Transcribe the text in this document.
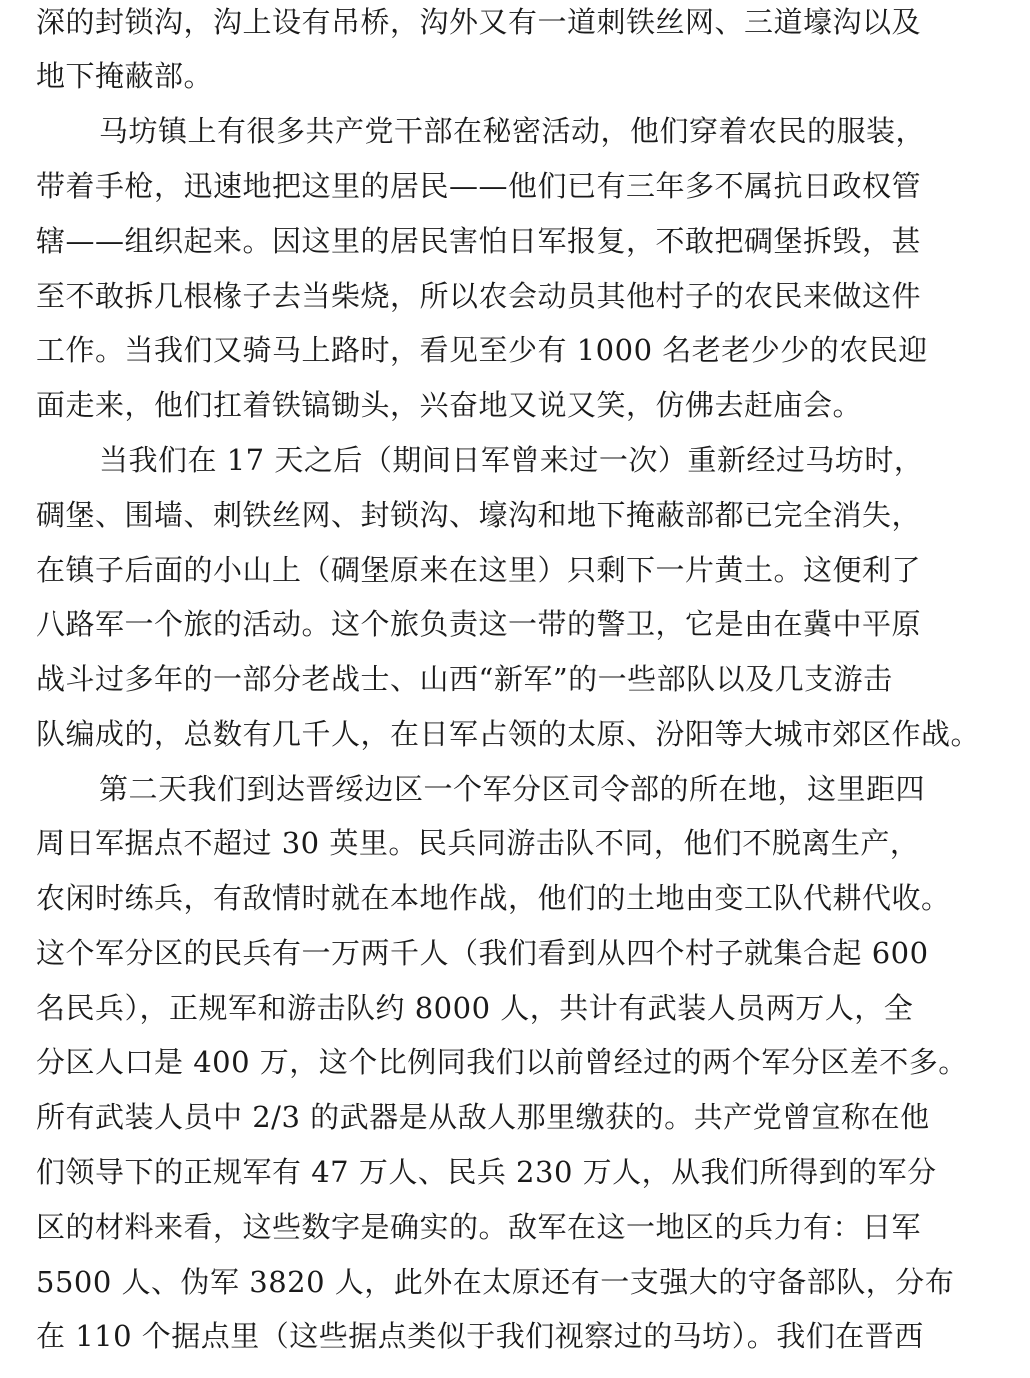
深的封锁沟，沟上设有吊桥，沟外又有一道刺铁丝网、三道壕沟以及
地下掩蔽部。
马坊镇上有很多共产党干部在秘密活动，他们穿着农民的服装，
带着手枪，迅速地把这里的居民——他们已有三年多不属抗日政权管
辖——组织起来。因这里的居民害怕日军报复，不敢把碉堡拆毁，甚
至不敢拆几根椽子去当柴烧，所以农会动员其他村子的农民来做这件
工作。当我们又骑马上路时，看见至少有 1000 名老老少少的农民迎
面走来，他们扛着铁镐锄头，兴奋地又说又笑，仿佛去赶庙会。
当我们在 17 天之后（期间日军曾来过一次）重新经过马坊时，
碉堡、围墙、刺铁丝网、封锁沟、壕沟和地下掩蔽部都已完全消失，
在镇子后面的小山上（碉堡原来在这里）只剩下一片黄土。这便利了
八路军一个旅的活动。这个旅负责这一带的警卫，它是由在冀中平原
战斗过多年的一部分老战士、山西“新军”的一些部队以及几支游击
队编成的，总数有几千人，在日军占领的太原、汾阳等大城市郊区作战。
第二天我们到达晋绥边区一个军分区司令部的所在地，这里距四
周日军据点不超过 30 英里。民兵同游击队不同，他们不脱离生产，
农闲时练兵，有敌情时就在本地作战，他们的土地由变工队代耕代收。
这个军分区的民兵有一万两千人（我们看到从四个村子就集合起 600
名民兵），正规军和游击队约 8000 人，共计有武装人员两万人，全
分区人口是 400 万，这个比例同我们以前曾经过的两个军分区差不多。
所有武装人员中 2/3 的武器是从敌人那里缴获的。共产党曾宣称在他
们领导下的正规军有 47 万人、民兵 230 万人，从我们所得到的军分
区的材料来看，这些数字是确实的。敌军在这一地区的兵力有：日军
5500 人、伪军 3820 人，此外在太原还有一支强大的守备部队，分布
在 110 个据点里（这些据点类似于我们视察过的马坊）。我们在晋西
